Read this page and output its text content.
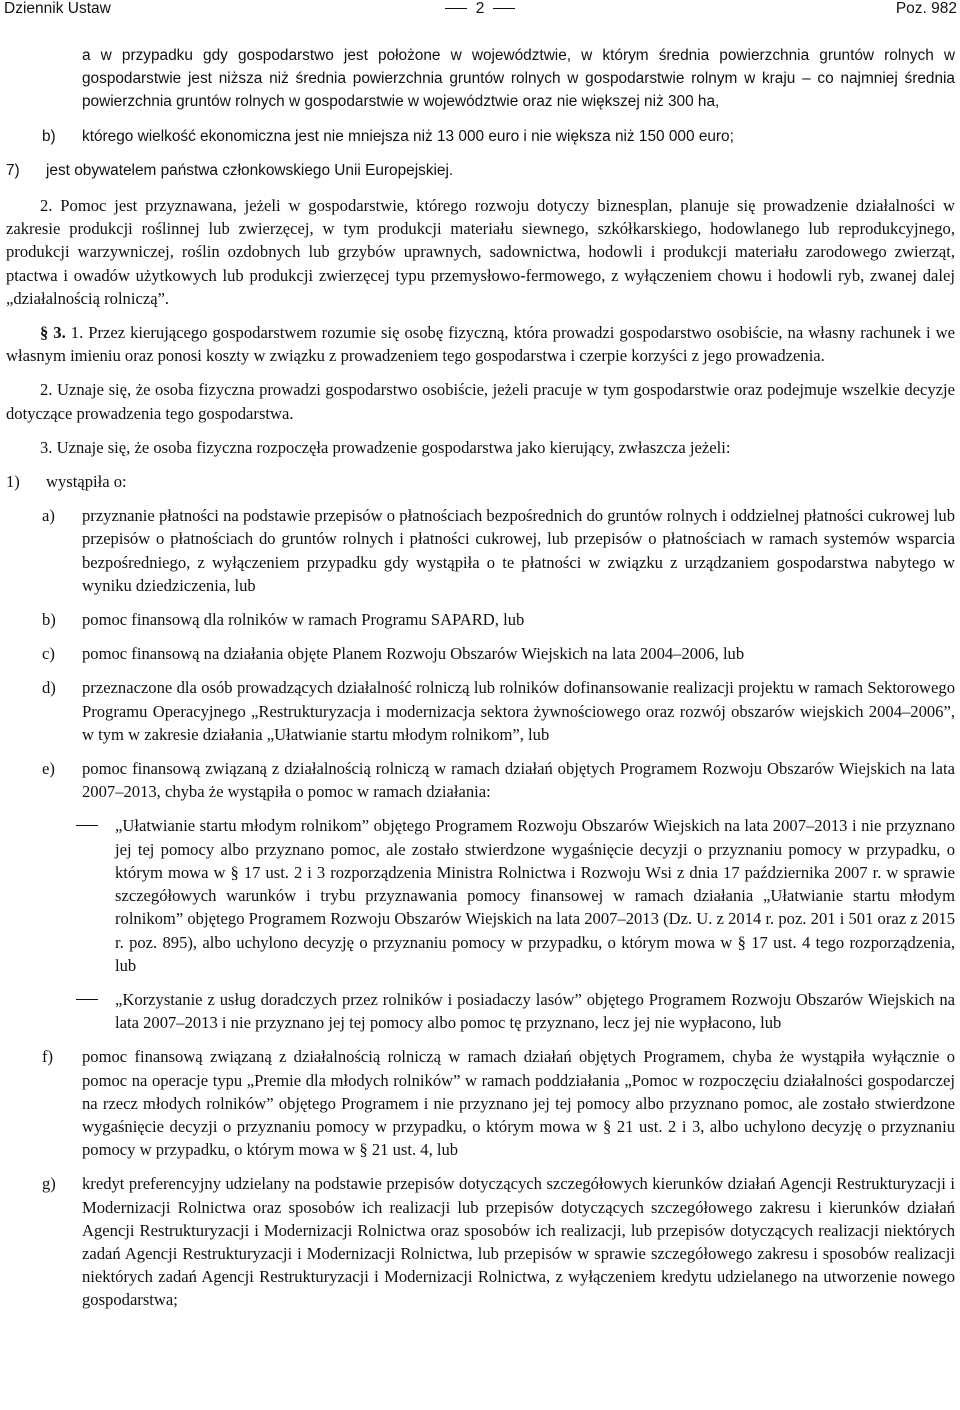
Dziennik Ustaw	2	Poz. 982

a w przypadku gdy gospodarstwo jest położone w województwie, w którym średnia powierzchnia gruntów rolnych w gospodarstwie jest niższa niż średnia powierzchnia gruntów rolnych w gospodarstwie rolnym w kraju – co najmniej średnia powierzchnia gruntów rolnych w gospodarstwie w województwie oraz nie większej niż 300 ha,

b) którego wielkość ekonomiczna jest nie mniejsza niż 13 000 euro i nie większa niż 150 000 euro;

7) jest obywatelem państwa członkowskiego Unii Europejskiej.

2. Pomoc jest przyznawana, jeżeli w gospodarstwie, którego rozwoju dotyczy biznesplan, planuje się prowadzenie działalności w zakresie produkcji roślinnej lub zwierzęcej, w tym produkcji materiału siewnego, szkółkarskiego, hodowlanego lub reprodukcyjnego, produkcji warzywniczej, roślin ozdobnych lub grzybów uprawnych, sadownictwa, hodowli i produkcji materiału zarodowego zwierząt, ptactwa i owadów użytkowych lub produkcji zwierzęcej typu przemysłowo-fermowego, z wyłączeniem chowu i hodowli ryb, zwanej dalej „działalnością rolniczą”.

§ 3. 1. Przez kierującego gospodarstwem rozumie się osobę fizyczną, która prowadzi gospodarstwo osobiście, na własny rachunek i we własnym imieniu oraz ponosi koszty w związku z prowadzeniem tego gospodarstwa i czerpie korzyści z jego prowadzenia.

2. Uznaje się, że osoba fizyczna prowadzi gospodarstwo osobiście, jeżeli pracuje w tym gospodarstwie oraz podejmuje wszelkie decyzje dotyczące prowadzenia tego gospodarstwa.

3. Uznaje się, że osoba fizyczna rozpoczęła prowadzenie gospodarstwa jako kierujący, zwłaszcza jeżeli:

1) wystąpiła o:

a) przyznanie płatności na podstawie przepisów o płatnościach bezpośrednich do gruntów rolnych i oddzielnej płatności cukrowej lub przepisów o płatnościach do gruntów rolnych i płatności cukrowej, lub przepisów o płatnościach w ramach systemów wsparcia bezpośredniego, z wyłączeniem przypadku gdy wystąpiła o te płatności w związku z urządzaniem gospodarstwa nabytego w wyniku dziedziczenia, lub

b) pomoc finansową dla rolników w ramach Programu SAPARD, lub

c) pomoc finansową na działania objęte Planem Rozwoju Obszarów Wiejskich na lata 2004–2006, lub

d) przeznaczone dla osób prowadzących działalność rolniczą lub rolników dofinansowanie realizacji projektu w ramach Sektorowego Programu Operacyjnego „Restrukturyzacja i modernizacja sektora żywnościowego oraz rozwój obszarów wiejskich 2004–2006”, w tym w zakresie działania „Ułatwianie startu młodym rolnikom”, lub

e) pomoc finansową związaną z działalnością rolniczą w ramach działań objętych Programem Rozwoju Obszarów Wiejskich na lata 2007–2013, chyba że wystąpiła o pomoc w ramach działania:

„Ułatwianie startu młodym rolnikom” objętego Programem Rozwoju Obszarów Wiejskich na lata 2007–2013 i nie przyznano jej tej pomocy albo przyznano pomoc, ale zostało stwierdzone wygaśnięcie decyzji o przyznaniu pomocy w przypadku, o którym mowa w § 17 ust. 2 i 3 rozporządzenia Ministra Rolnictwa i Rozwoju Wsi z dnia 17 października 2007 r. w sprawie szczegółowych warunków i trybu przyznawania pomocy finansowej w ramach działania „Ułatwianie startu młodym rolnikom” objętego Programem Rozwoju Obszarów Wiejskich na lata 2007–2013 (Dz. U. z 2014 r. poz. 201 i 501 oraz z 2015 r. poz. 895), albo uchylono decyzję o przyznaniu pomocy w przypadku, o którym mowa w § 17 ust. 4 tego rozporządzenia, lub

„Korzystanie z usług doradczych przez rolników i posiadaczy lasów” objętego Programem Rozwoju Obszarów Wiejskich na lata 2007–2013 i nie przyznano jej tej pomocy albo pomoc tę przyznano, lecz jej nie wypłacono, lub

f) pomoc finansową związaną z działalnością rolniczą w ramach działań objętych Programem, chyba że wystąpiła wyłącznie o pomoc na operacje typu „Premie dla młodych rolników” w ramach poddziałania „Pomoc w rozpoczęciu działalności gospodarczej na rzecz młodych rolników” objętego Programem i nie przyznano jej tej pomocy albo przyznano pomoc, ale zostało stwierdzone wygaśnięcie decyzji o przyznaniu pomocy w przypadku, o którym mowa w § 21 ust. 2 i 3, albo uchylono decyzję o przyznaniu pomocy w przypadku, o którym mowa w § 21 ust. 4, lub

g) kredyt preferencyjny udzielany na podstawie przepisów dotyczących szczegółowych kierunków działań Agencji Restrukturyzacji i Modernizacji Rolnictwa oraz sposobów ich realizacji lub przepisów dotyczących szczegółowego zakresu i kierunków działań Agencji Restrukturyzacji i Modernizacji Rolnictwa oraz sposobów ich realizacji, lub przepisów dotyczących realizacji niektórych zadań Agencji Restrukturyzacji i Modernizacji Rolnictwa, lub przepisów w sprawie szczegółowego zakresu i sposobów realizacji niektórych zadań Agencji Restrukturyzacji i Modernizacji Rolnictwa, z wyłączeniem kredytu udzielanego na utworzenie nowego gospodarstwa;
